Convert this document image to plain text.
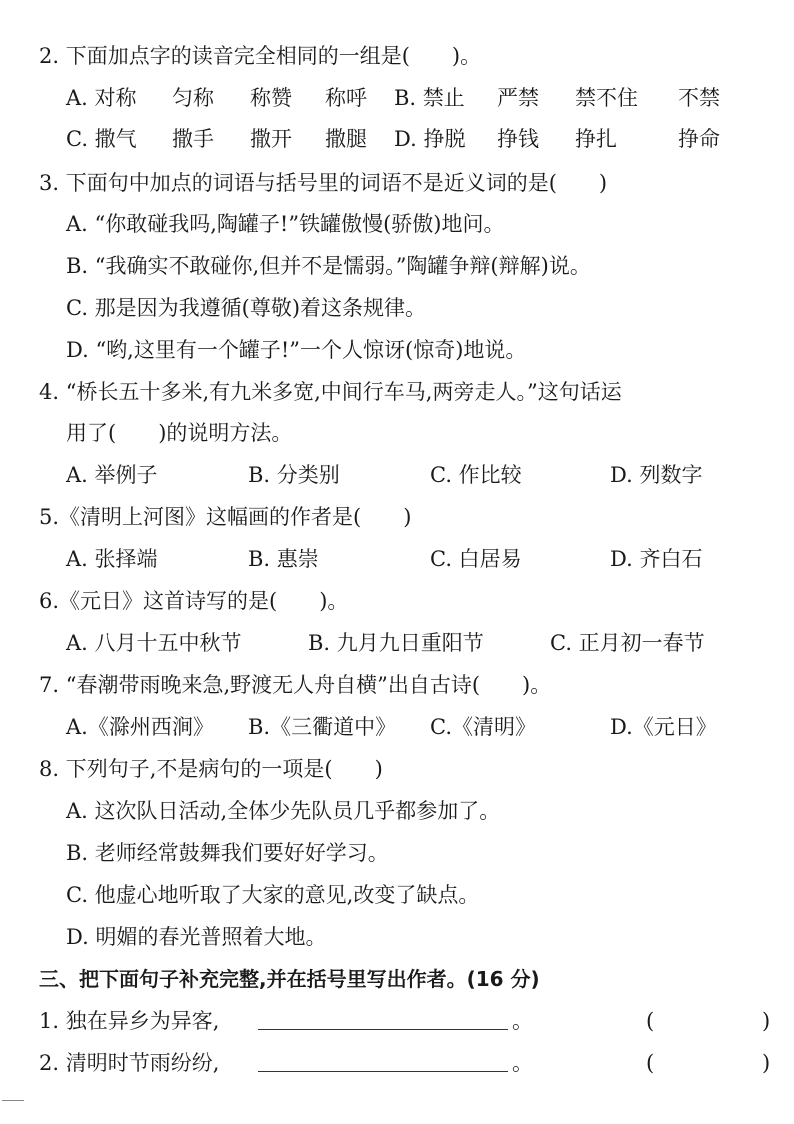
2. 下面加点字的读音完全相同的一组是(　　)。
A. 对称 匀称 称赞 称呼 B. 禁止 严禁 禁不住 不禁
C. 撒气 撒手 撒开 撒腿 D. 挣脱 挣钱 挣扎	挣命
3. 下面句中加点的词语与括号里的词语不是近义词的是(　　)
A. “你敢碰我吗,陶罐子!”铁罐傲慢(骄傲)地问。
B. “我确实不敢碰你,但并不是懦弱。”陶罐争辩(辩解)说。
C. 那是因为我遵循(尊敬)着这条规律。
D. “哟,这里有一个罐子!”一个人惊讶(惊奇)地说。
4. “桥长五十多米,有九米多宽,中间行车马,两旁走人。”这句话运
用了(　　)的说明方法。
A. 举例子	B. 分类别	C. 作比较	D. 列数字
5.《清明上河图》这幅画的作者是(　　)
A. 张择端	B. 惠崇	C. 白居易	D. 齐白石
6.《元日》这首诗写的是(　　)。
A. 八月十五中秋节	B. 九月九日重阳节	C. 正月初一春节
7. “春潮带雨晚来急,野渡无人舟自横”出自古诗(　　)。
A.《滁州西涧》 B.《三衢道中》 C.《清明》	D.《元日》
8. 下列句子,不是病句的一项是(　　)
A. 这次队日活动,全体少先队员几乎都参加了。
B. 老师经常鼓舞我们要好好学习。
C. 他虚心地听取了大家的意见,改变了缺点。
D. 明媚的春光普照着大地。
三、把下面句子补充完整,并在括号里写出作者。(16 分)
1. 独在异乡为异客,	。	(	)
2. 清明时节雨纷纷,	。	(	)
